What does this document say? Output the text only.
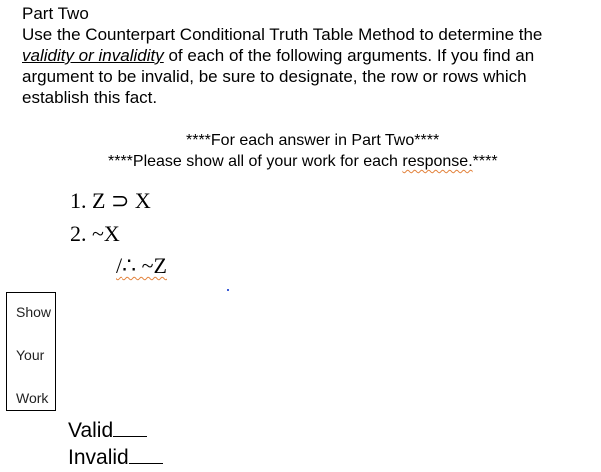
Part Two
Use the Counterpart Conditional Truth Table Method to determine the
validity or invalidity of each of the following arguments. If you find an
argument to be invalid, be sure to designate, the row or rows which
establish this fact.
****For each answer in Part Two****
****Please show all of your work for each response.****
1. Z ⊃ X
2. ~X
/∴ ~Z
Show
Your
Work
Valid
Invalid
